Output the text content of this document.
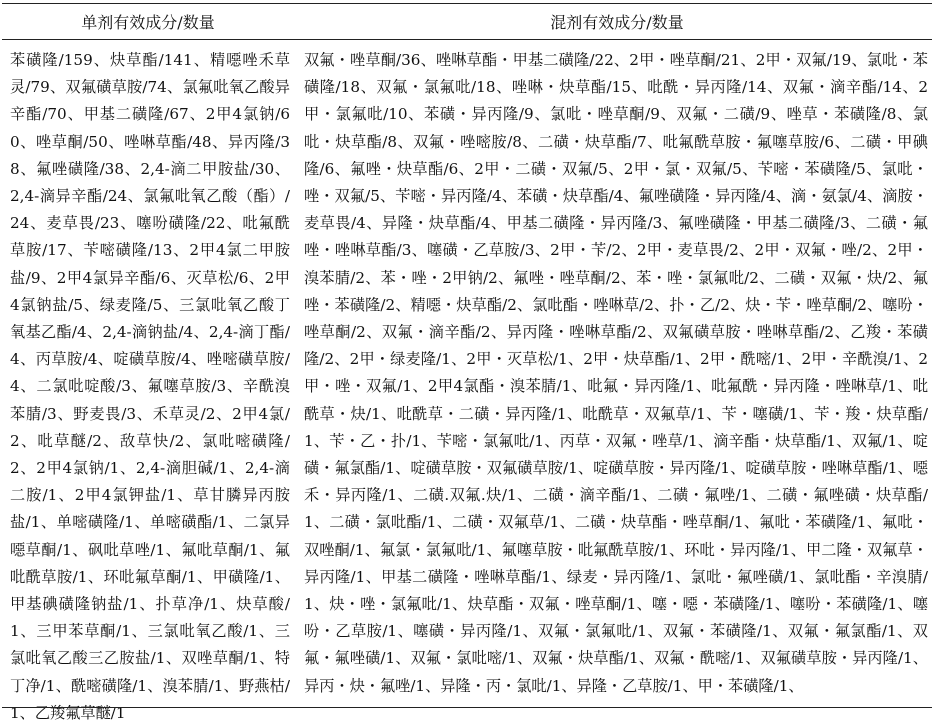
单剂有效成分/数量	混剂有效成分/数量
苯磺隆/159、炔草酯/141、精噁唑禾草灵/79、双氟磺草胺/74、氯氟吡氧乙酸异辛酯/70、甲基二磺隆/67、2甲4氯钠/60、唑草酮/50、唑啉草酯/48、异丙隆/38、氟唑磺隆/38、2,4-滴二甲胺盐/30、2,4-滴异辛酯/24、氯氟吡氧乙酸（酯）/24、麦草畏/23、噻吩磺隆/22、吡氟酰草胺/17、苄嘧磺隆/13、2甲4氯二甲胺盐/9、2甲4氯异辛酯/6、灭草松/6、2甲4氯钠盐/5、绿麦隆/5、三氯吡氧乙酸丁氧基乙酯/4、2,4-滴钠盐/4、2,4-滴丁酯/4、丙草胺/4、啶磺草胺/4、唑嘧磺草胺/4、二氯吡啶酸/3、氟噻草胺/3、辛酰溴苯腈/3、野麦畏/3、禾草灵/2、2甲4氯/2、吡草醚/2、敌草快/2、氯吡嘧磺隆/2、2甲4氯钠/1、2,4-滴胆碱/1、2,4-滴二胺/1、2甲4氯钾盐/1、草甘膦异丙胺盐/1、单嘧磺隆/1、单嘧磺酯/1、二氯异噁草酮/1、砜吡草唑/1、氟吡草酮/1、氟吡酰草胺/1、环吡氟草酮/1、甲磺隆/1、甲基碘磺隆钠盐/1、扑草净/1、炔草酸/1、三甲苯草酮/1、三氯吡氧乙酸/1、三氯吡氧乙酸三乙胺盐/1、双唑草酮/1、特丁净/1、酰嘧磺隆/1、溴苯腈/1、野燕枯/1、乙羧氟草醚/1
双氟・唑草酮/36、唑啉草酯・甲基二磺隆/22、2甲・唑草酮/21、2甲・双氟/19、氯吡・苯磺隆/18、双氟・氯氟吡/18、唑啉・炔草酯/15、吡酰・异丙隆/14、双氟・滴辛酯/14、2甲・氯氟吡/10、苯磺・异丙隆/9、氯吡・唑草酮/9、双氟・二磺/9、唑草・苯磺隆/8、氯吡・炔草酯/8、双氟・唑嘧胺/8、二磺・炔草酯/7、吡氟酰草胺・氟噻草胺/6、二磺・甲碘隆/6、氟唑・炔草酯/6、2甲・二磺・双氟/5、2甲・氯・双氟/5、苄嘧・苯磺隆/5、氯吡・唑・双氟/5、苄嘧・异丙隆/4、苯磺・炔草酯/4、氟唑磺隆・异丙隆/4、滴・氨氯/4、滴胺・麦草畏/4、异隆・炔草酯/4、甲基二磺隆・异丙隆/3、氟唑磺隆・甲基二磺隆/3、二磺・氟唑・唑啉草酯/3、噻磺・乙草胺/3、2甲・苄/2、2甲・麦草畏/2、2甲・双氟・唑/2、2甲・溴苯腈/2、苯・唑・2甲钠/2、氟唑・唑草酮/2、苯・唑・氯氟吡/2、二磺・双氟・炔/2、氟唑・苯磺隆/2、精噁・炔草酯/2、氯吡酯・唑啉草/2、扑・乙/2、炔・苄・唑草酮/2、噻吩・唑草酮/2、双氟・滴辛酯/2、异丙隆・唑啉草酯/2、双氟磺草胺・唑啉草酯/2、乙羧・苯磺隆/2、2甲・绿麦隆/1、2甲・灭草松/1、2甲・炔草酯/1、2甲・酰嘧/1、2甲・辛酰溴/1、2甲・唑・双氟/1、2甲4氯酯・溴苯腈/1、吡氟・异丙隆/1、吡氟酰・异丙隆・唑啉草/1、吡酰草・炔/1、吡酰草・二磺・异丙隆/1、吡酰草・双氟草/1、苄・噻磺/1、苄・羧・炔草酯/1、苄・乙・扑/1、苄嘧・氯氟吡/1、丙草・双氟・唑草/1、滴辛酯・炔草酯/1、双氟/1、啶磺・氟氯酯/1、啶磺草胺・双氟磺草胺/1、啶磺草胺・异丙隆/1、啶磺草胺・唑啉草酯/1、噁禾・异丙隆/1、二磺.双氟.炔/1、二磺・滴辛酯/1、二磺・氟唑/1、二磺・氟唑磺・炔草酯/1、二磺・氯吡酯/1、二磺・双氟草/1、二磺・炔草酯・唑草酮/1、氟吡・苯磺隆/1、氟吡・双唑酮/1、氟氯・氯氟吡/1、氟噻草胺・吡氟酰草胺/1、环吡・异丙隆/1、甲二隆・双氟草・异丙隆/1、甲基二磺隆・唑啉草酯/1、绿麦・异丙隆/1、氯吡・氟唑磺/1、氯吡酯・辛溴腈/1、炔・唑・氯氟吡/1、炔草酯・双氟・唑草酮/1、噻・噁・苯磺隆/1、噻吩・苯磺隆/1、噻吩・乙草胺/1、噻磺・异丙隆/1、双氟・氯氟吡/1、双氟・苯磺隆/1、双氟・氟氯酯/1、双氟・氟唑磺/1、双氟・氯吡嘧/1、双氟・炔草酯/1、双氟・酰嘧/1、双氟磺草胺・异丙隆/1、异丙・炔・氟唑/1、异隆・丙・氯吡/1、异隆・乙草胺/1、甲・苯磺隆/1、
